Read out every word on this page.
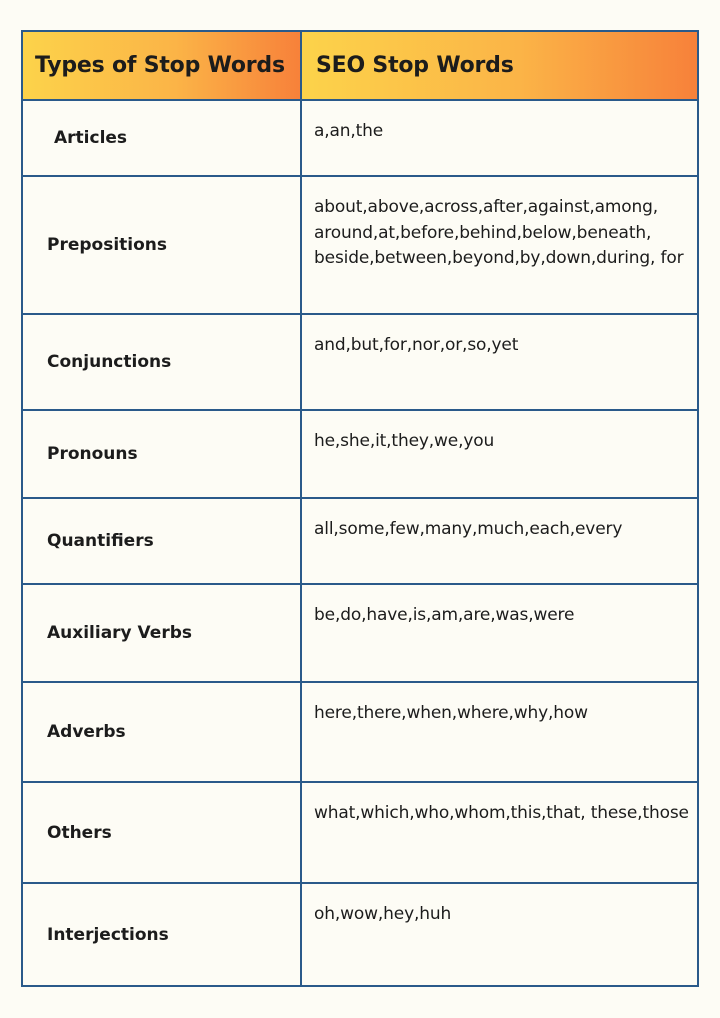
Types of Stop Words	SEO Stop Words
Articles	a,an,the
Prepositions
about,above,across,after,against,among, around,at,before,behind,below,beneath, beside,between,beyond,by,down,during, for
Conjunctions
and,but,for,nor,or,so,yet
Pronouns
he,she,it,they,we,you
Quantifiers
all,some,few,many,much,each,every
Auxiliary Verbs
be,do,have,is,am,are,was,were
Adverbs
here,there,when,where,why,how
Others
what,which,who,whom,this,that, these,those
Interjections
oh,wow,hey,huh
